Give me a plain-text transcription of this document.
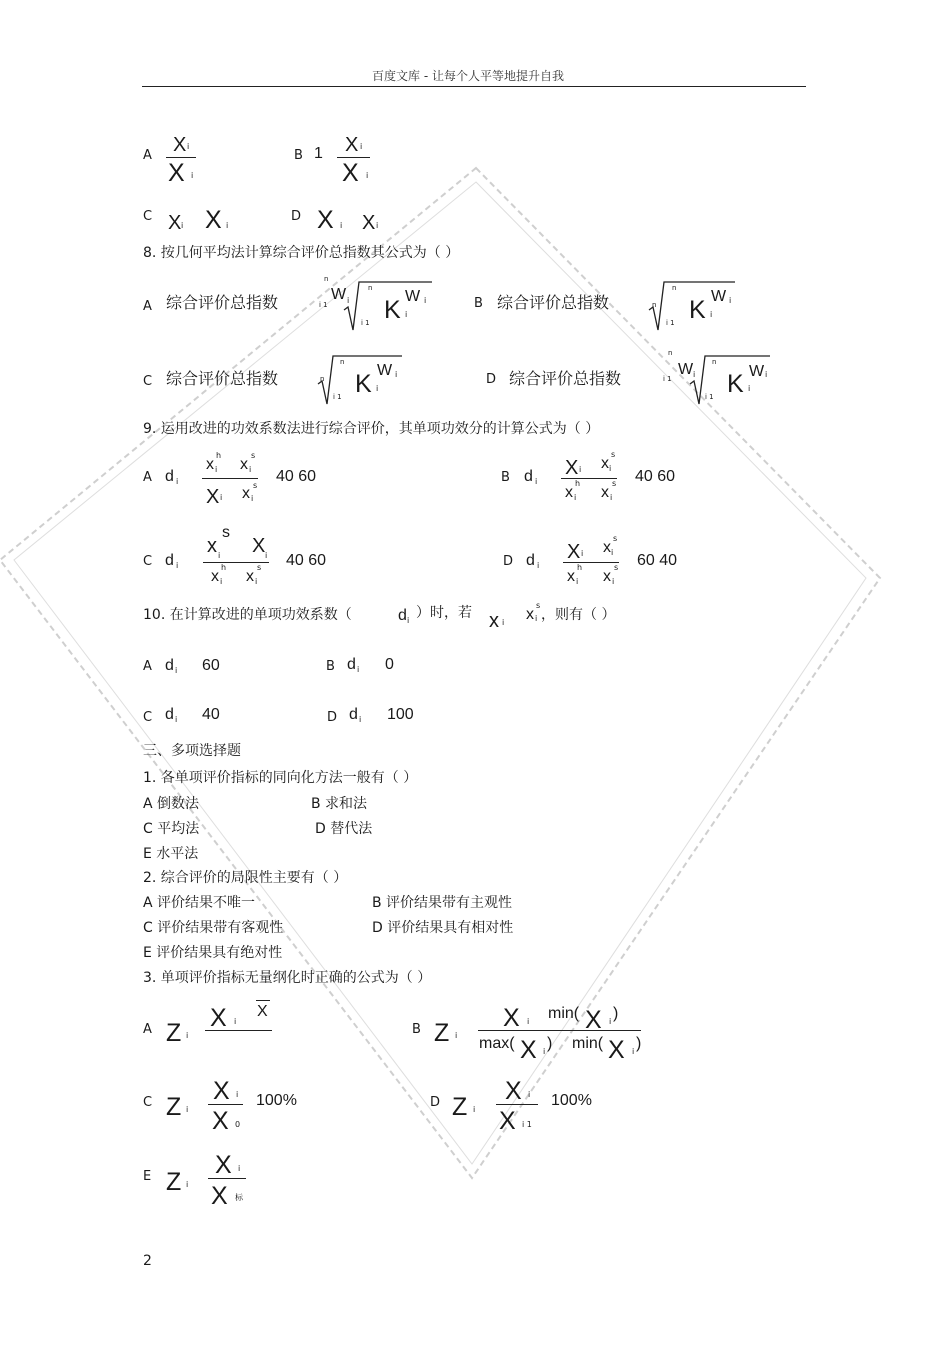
百度文库 - 让每个人平等地提升自我
A X i
X i
B 1 X i
X i
C X i X i
D X i X i
8. 按几何平均法计算综合评价总指数其公式为（ ）
A 综合评价总指数
n
W
i 1 i
n
i 1 K i
W i	B 综合评价总指数	n
n
i 1 K i
W i
C 综合评价总指数	n
n
i 1 K i
W i	D 综合评价总指数
n
W
i 1	i
n
i 1 K i
W i
9. 运用改进的功效系数法进行综合评价，其单项功效分的计算公式为（ ）
A d i
x
h
i x
s
i
X i x s
i
40 60	B d i
X i x
s
i
x
h
i x
s
i
40 60
C d i
x
s
i X i
x
h
i x
s
i
40 60	D d i
X i x
s
i
x
h
i x
s
i
60 40
10. 在计算改进的单项功效系数（	d i ）时，若 x i x
s
i ，则有（ ）
A d i 60	B d i 0
C d i 40	D d i 100
三、多项选择题
1. 各单项评价指标的同向化方法一般有（ ）
A 倒数法	B 求和法
C 平均法	D 替代法
E 水平法
2. 综合评价的局限性主要有（ ）
A 评价结果不唯一	B 评价结果带有主观性
C 评价结果带有客观性	D 评价结果具有相对性
E 评价结果具有绝对性
3. 单项评价指标无量纲化时正确的公式为（ ）
A Z i
X i
X
B Z i
X i min( X i )
max( X i ) min( X i )
C Z i
X i
X 0
100%	D Z i
X i
X i 1
100%
E Z i
X i
X 标
2
